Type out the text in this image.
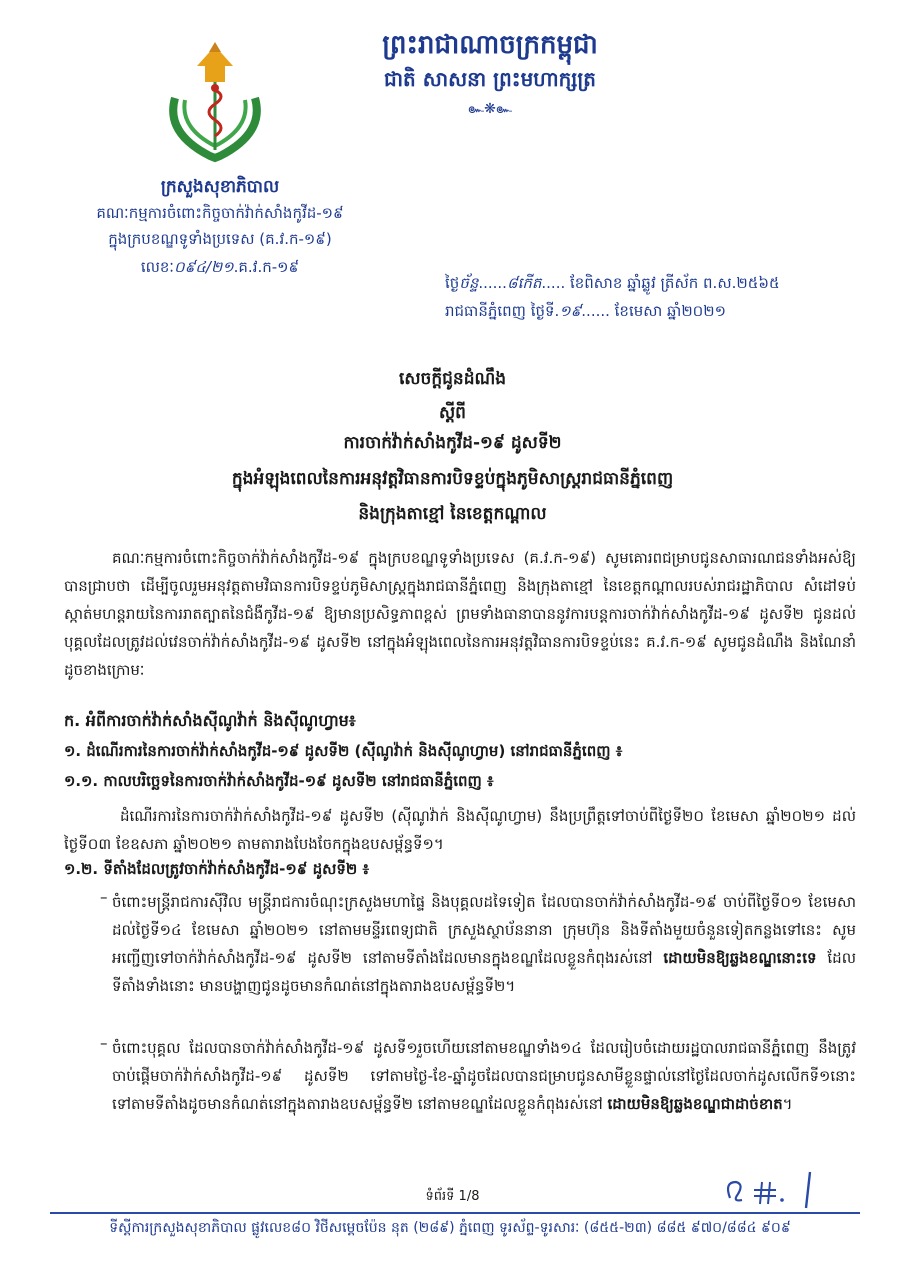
ព្រះរាជាណាចក្រកម្ពុជា
ជាតិ សាសនា ព្រះមហាក្សត្រ
๛❋๛
ក្រសួងសុខាភិបាល
គណៈកម្មការចំពោះកិច្ចចាក់វ៉ាក់សាំងកូវីដ-១៩
ក្នុងក្របខណ្ឌទូទាំងប្រទេស (គ.វ.ក-១៩)
លេខៈ០៩៤/២១.គ.វ.ក-១៩
ថ្ងៃច័ន្ទ......៨កើត..... ខែពិសាខ ឆ្នាំឆ្លូវ ត្រីស័ក ព.ស.២៥៦៥
រាជធានីភ្នំពេញ ថ្ងៃទី.១៩...... ខែមេសា ឆ្នាំ២០២១
សេចក្តីជូនដំណឹង
ស្តីពី
ការចាក់វ៉ាក់សាំងកូវីដ-១៩ ដូសទី២
ក្នុងអំឡុងពេលនៃការអនុវត្តវិធានការបិទខ្ទប់ក្នុងភូមិសាស្ត្ររាជធានីភ្នំពេញ
និងក្រុងតាខ្មៅ នៃខេត្តកណ្តាល
គណៈកម្មការចំពោះកិច្ចចាក់វ៉ាក់សាំងកូវីដ-១៩ ក្នុងក្របខណ្ឌទូទាំងប្រទេស (គ.វ.ក-១៩) សូមគោរពជម្រាបជូនសាធារណជនទាំងអស់ឱ្យបានជ្រាបថា ដើម្បីចូលរួមអនុវត្តតាមវិធានការបិទខ្ទប់ភូមិសាស្ត្រក្នុងរាជធានីភ្នំពេញ និងក្រុងតាខ្មៅ នៃខេត្តកណ្តាលរបស់រាជរដ្ឋាភិបាល សំដៅទប់ស្កាត់មហន្តរាយនៃការរាតត្បាតនៃជំងឺកូវីដ-១៩ ឱ្យមានប្រសិទ្ធភាពខ្ពស់ ព្រមទាំងធានាបាននូវការបន្តការចាក់វ៉ាក់សាំងកូវីដ-១៩ ដូសទី២ ជូនដល់បុគ្គលដែលត្រូវដល់វេនចាក់វ៉ាក់សាំងកូវីដ-១៩ ដូសទី២ នៅក្នុងអំឡុងពេលនៃការអនុវត្តវិធានការបិទខ្ទប់នេះ គ.វ.ក-១៩ សូមជូនដំណឹង និងណែនាំ ដូចខាងក្រោមៈ
ក. អំពីការចាក់វ៉ាក់សាំងស៊ីណូវ៉ាក់ និងស៊ីណូហ្វាម៖
១. ដំណើរការនៃការចាក់វ៉ាក់សាំងកូវីដ-១៩ ដូសទី២ (ស៊ីណូវ៉ាក់ និងស៊ីណូហ្វាម) នៅរាជធានីភ្នំពេញ ៖
១.១. កាលបរិច្ឆេទនៃការចាក់វ៉ាក់សាំងកូវីដ-១៩ ដូសទី២ នៅរាជធានីភ្នំពេញ ៖
ដំណើរការនៃការចាក់វ៉ាក់សាំងកូវីដ-១៩ ដូសទី២ (ស៊ីណូវ៉ាក់ និងស៊ីណូហ្វាម) នឹងប្រព្រឹត្តទៅចាប់ពីថ្ងៃទី២០ ខែមេសា ឆ្នាំ២០២១ ដល់ថ្ងៃទី០៣ ខែឧសភា ឆ្នាំ២០២១ តាមតារាងបែងចែកក្នុងឧបសម្ព័ន្ធទី១។
១.២. ទីតាំងដែលត្រូវចាក់វ៉ាក់សាំងកូវីដ-១៩ ដូសទី២ ៖
– ចំពោះមន្ត្រីរាជការស៊ីវិល មន្ត្រីរាជការចំណុះក្រសួងមហាផ្ទៃ និងបុគ្គលដទៃទៀត ដែលបានចាក់វ៉ាក់សាំងកូវីដ-១៩ ចាប់ពីថ្ងៃទី០១ ខែមេសា ដល់ថ្ងៃទី១៤ ខែមេសា ឆ្នាំ២០២១ នៅតាមមន្ទីរពេទ្យជាតិ ក្រសួងស្ថាប័ននានា ក្រុមហ៊ុន និងទីតាំងមួយចំនួនទៀតកន្លងទៅនេះ សូមអញ្ជើញទៅចាក់វ៉ាក់សាំងកូវីដ-១៩ ដូសទី២ នៅតាមទីតាំងដែលមានក្នុងខណ្ឌដែលខ្លួនកំពុងរស់នៅ ដោយមិនឱ្យឆ្លងខណ្ឌនោះទេ ដែលទីតាំងទាំងនោះ មានបង្ហាញជូនដូចមានកំណត់នៅក្នុងតារាងឧបសម្ព័ន្ធទី២។
– ចំពោះបុគ្គល ដែលបានចាក់វ៉ាក់សាំងកូវីដ-១៩ ដូសទី១រួចហើយនៅតាមខណ្ឌទាំង១៤ ដែលរៀបចំដោយរដ្ឋបាលរាជធានីភ្នំពេញ នឹងត្រូវចាប់ផ្តើមចាក់វ៉ាក់សាំងកូវីដ-១៩ ដូសទី២ ទៅតាមថ្ងៃ-ខែ-ឆ្នាំដូចដែលបានជម្រាបជូនសាមីខ្លួនផ្ទាល់នៅថ្ងៃដែលចាក់ដូសលើកទី១នោះ ទៅតាមទីតាំងដូចមានកំណត់នៅក្នុងតារាងឧបសម្ព័ន្ធទី២ នៅតាមខណ្ឌដែលខ្លួនកំពុងរស់នៅ ដោយមិនឱ្យឆ្លងខណ្ឌជាដាច់ខាត។
ទំព័រទី 1/8
ទីស្តីការក្រសួងសុខាភិបាល ផ្លូវលេខ៨០ វិថីសម្តេចប៉ែន នុត (២៨៩) ភ្នំពេញ ទូរស័ព្ទ-ទូរសារៈ (៨៥៥-២៣) ៨៨៥ ៩៧០/៨៨៤ ៩០៩
